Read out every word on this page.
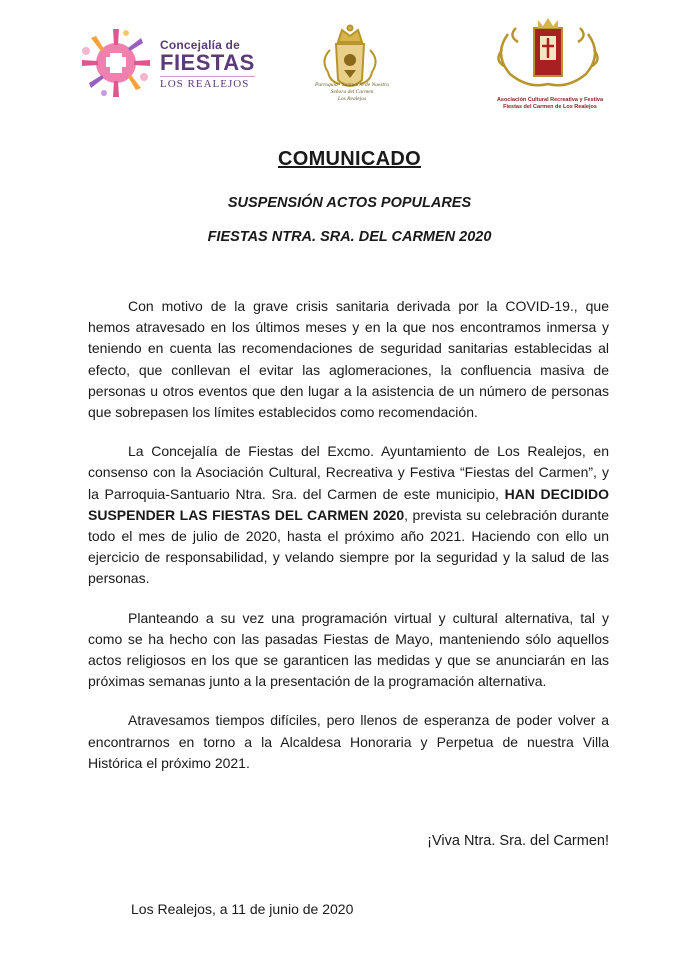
Concejalía de
FIESTAS
LOS REALEJOS	Parroquia · Santuario de Nuestra
Señora del Carmen
Los Realejos	Asociación Cultural Recreativa y Festiva
Fiestas del Carmen de Los Realejos
COMUNICADO
SUSPENSIÓN ACTOS POPULARES
FIESTAS NTRA. SRA. DEL CARMEN 2020

Con motivo de la grave crisis sanitaria derivada por la COVID-19., que hemos atravesado en los últimos meses y en la que nos encontramos inmersa y teniendo en cuenta las recomendaciones de seguridad sanitarias establecidas al efecto, que conllevan el evitar las aglomeraciones, la confluencia masiva de personas u otros eventos que den lugar a la asistencia de un número de personas que sobrepasen los límites establecidos como recomendación.

La Concejalía de Fiestas del Excmo. Ayuntamiento de Los Realejos, en consenso con la Asociación Cultural, Recreativa y Festiva “Fiestas del Carmen”, y la Parroquia-Santuario Ntra. Sra. del Carmen de este municipio, HAN DECIDIDO SUSPENDER LAS FIESTAS DEL CARMEN 2020, prevista su celebración durante todo el mes de julio de 2020, hasta el próximo año 2021. Haciendo con ello un ejercicio de responsabilidad, y velando siempre por la seguridad y la salud de las personas.

Planteando a su vez una programación virtual y cultural alternativa, tal y como se ha hecho con las pasadas Fiestas de Mayo, manteniendo sólo aquellos actos religiosos en los que se garanticen las medidas y que se anunciarán en las próximas semanas junto a la presentación de la programación alternativa.

Atravesamos tiempos difíciles, pero llenos de esperanza de poder volver a encontrarnos en torno a la Alcaldesa Honoraria y Perpetua de nuestra Villa Histórica el próximo 2021.

¡Viva Ntra. Sra. del Carmen!
Los Realejos, a 11 de junio de 2020
